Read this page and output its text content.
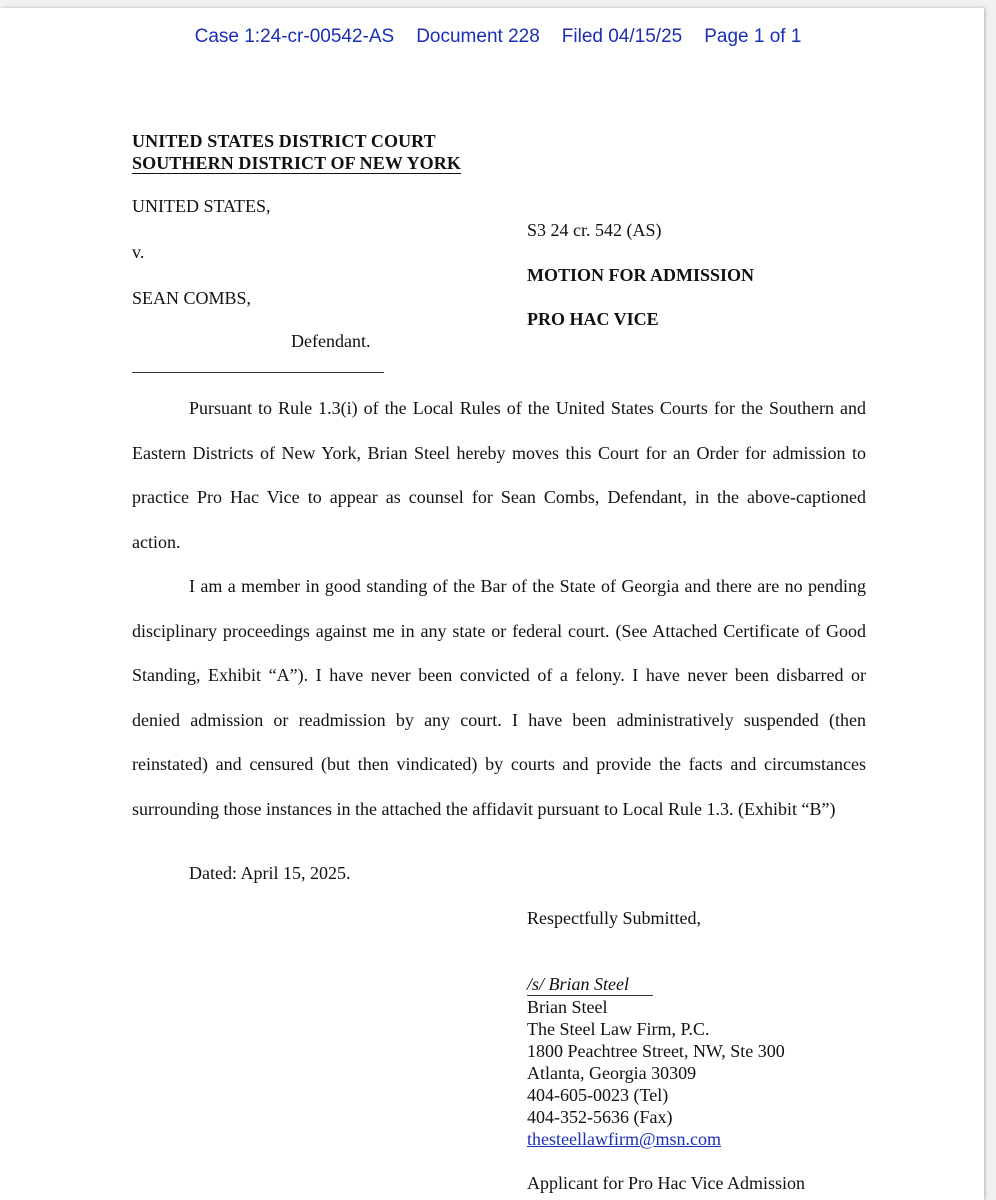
Case 1:24-cr-00542-AS Document 228 Filed 04/15/25 Page 1 of 1
UNITED STATES DISTRICT COURT
SOUTHERN DISTRICT OF NEW YORK
UNITED STATES,
v.
SEAN COMBS,
Defendant.
S3 24 cr. 542 (AS)
MOTION FOR ADMISSION
PRO HAC VICE

Pursuant to Rule 1.3(i) of the Local Rules of the United States Courts for the Southern and Eastern Districts of New York, Brian Steel hereby moves this Court for an Order for admission to practice Pro Hac Vice to appear as counsel for Sean Combs, Defendant, in the above-captioned action.

I am a member in good standing of the Bar of the State of Georgia and there are no pending disciplinary proceedings against me in any state or federal court. (See Attached Certificate of Good Standing, Exhibit “A”). I have never been convicted of a felony. I have never been disbarred or denied admission or readmission by any court. I have been administratively suspended (then reinstated) and censured (but then vindicated) by courts and provide the facts and circumstances surrounding those instances in the attached the affidavit pursuant to Local Rule 1.3. (Exhibit “B”)

Dated: April 15, 2025.
Respectfully Submitted,
/s/ Brian Steel
Brian Steel
The Steel Law Firm, P.C.
1800 Peachtree Street, NW, Ste 300
Atlanta, Georgia 30309
404-605-0023 (Tel)
404-352-5636 (Fax)
thesteellawfirm@msn.com
Applicant for Pro Hac Vice Admission
